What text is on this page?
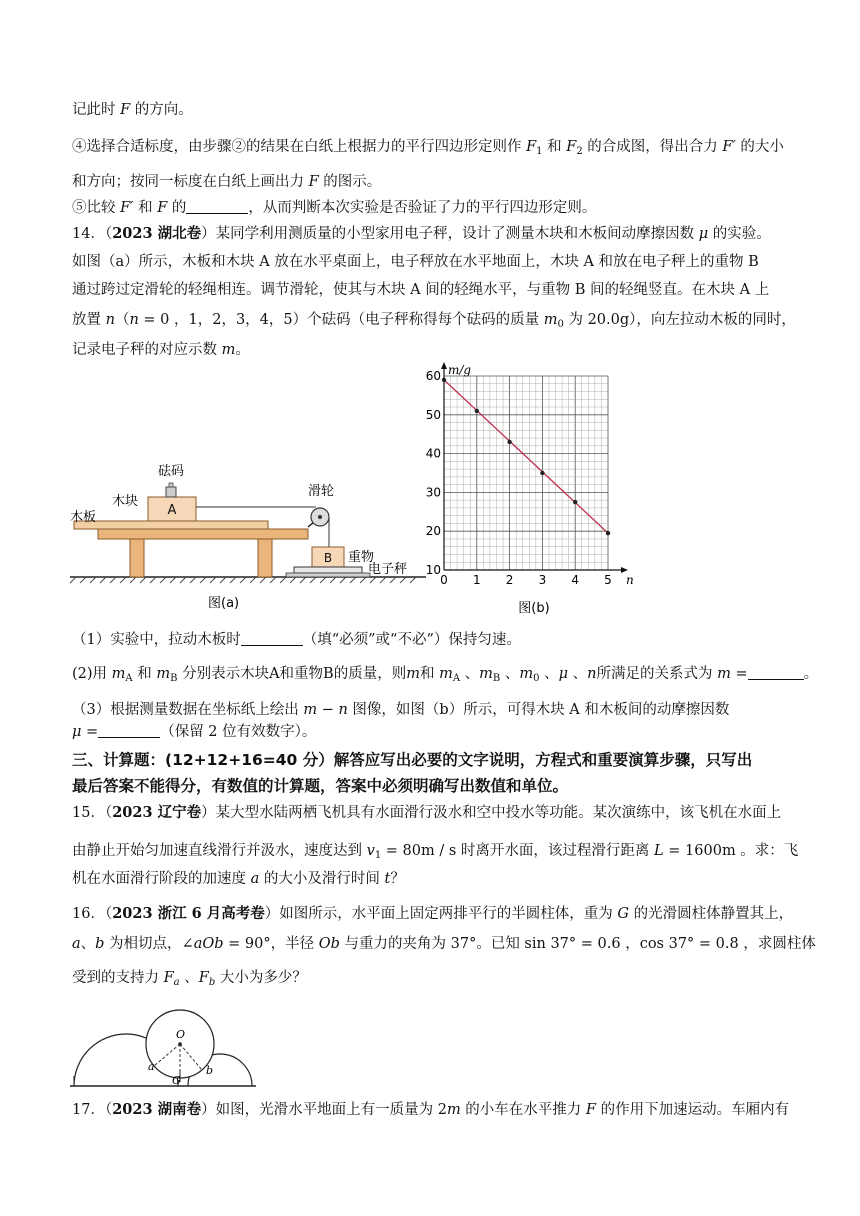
记此时 F 的方向。
④选择合适标度，由步骤②的结果在白纸上根据力的平行四边形定则作 $F_1$ 和 $F_2$ 的合成图，得出合力 F′ 的大小
和方向；按同一标度在白纸上画出力 F 的图示。
⑤比较 F′ 和 F 的	，从而判断本次实验是否验证了力的平行四边形定则。
14．（2023 湖北卷）某同学利用测质量的小型家用电子秤，设计了测量木块和木板间动摩擦因数 μ 的实验。
如图（a）所示，木板和木块 A 放在水平桌面上，电子秤放在水平地面上，木块 A 和放在电子秤上的重物 B
通过跨过定滑轮的轻绳相连。调节滑轮，使其与木块 A 间的轻绳水平，与重物 B 间的轻绳竖直。在木块 A 上
放置 n（n = 0 ，1，2，3，4，5）个砝码（电子秤称得每个砝码的质量 $m_0$ 为 20.0g），向左拉动木板的同时，
记录电子秤的对应示数 m。
A
B
砝码
木块
木板
滑轮
重物
电子秤
图(a)
0 1 2 3 4 5
10
20
30
40
50
60 m/g
n
图(b)
（1）实验中，拉动木板时	（填“必须”或“不必”）保持匀速。
(2)用 $m_A$ 和 $m_B$ 分别表示木块A和重物B的质量，则m和 $m_A$ 、$m_B$ 、$m_0$ 、μ 、n所满足的关系式为 m =	。
（3）根据测量数据在坐标纸上绘出 m − n 图像，如图（b）所示，可得木块 A 和木板间的动摩擦因数
μ =	（保留 2 位有效数字）。
三、计算题：(12+12+16=40 分）解答应写出必要的文字说明，方程式和重要演算步骤，只写出
最后答案不能得分，有数值的计算题，答案中必须明确写出数值和单位。
15．（2023 辽宁卷）某大型水陆两栖飞机具有水面滑行汲水和空中投水等功能。某次演练中，该飞机在水面上
由静止开始匀加速直线滑行并汲水，速度达到 $v_1 = 80m / s$ 时离开水面，该过程滑行距离 L = 1600m 。求：飞
机在水面滑行阶段的加速度 a 的大小及滑行时间 t？
16．（2023 浙江 6 月高考卷）如图所示，水平面上固定两排平行的半圆柱体，重为 G 的光滑圆柱体静置其上，
a、b 为相切点，∠aOb = 90°，半径 Ob 与重力的夹角为 37°。已知 sin 37° = 0.6 ，cos 37° = 0.8 ，求圆柱体
受到的支持力 $F_a$ 、$F_b$ 大小为多少？
O
a	b
G
17．（2023 湖南卷）如图，光滑水平地面上有一质量为 2m 的小车在水平推力 F 的作用下加速运动。车厢内有
